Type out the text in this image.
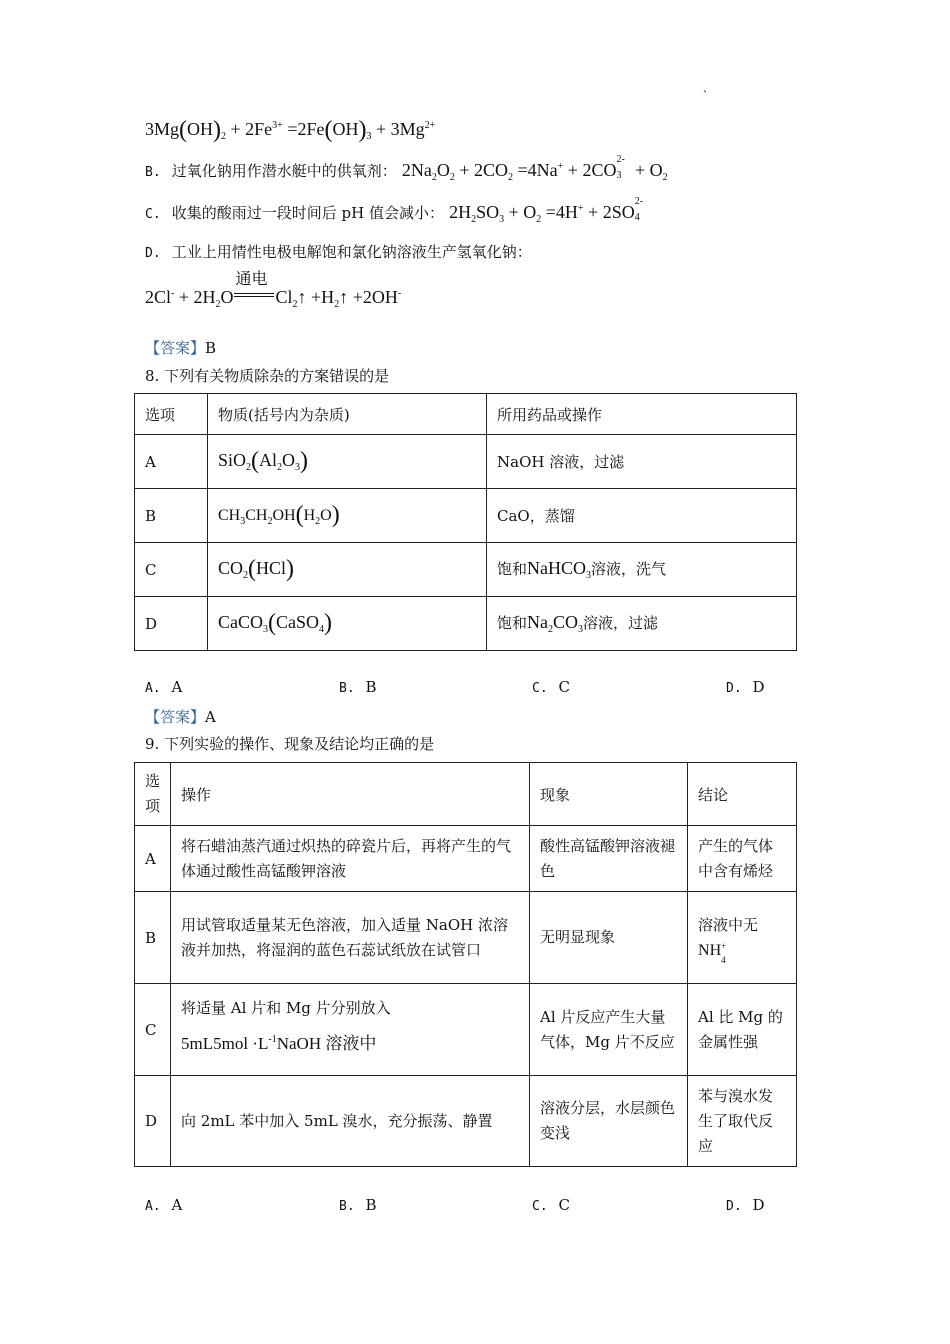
、
$3Mg(OH)_2 + 2Fe^{3+} =2Fe(OH)_3 + 3Mg^{2+}$
B. 过氧化钠用作潜水艇中的供氧剂： $2Na_2O_2 + 2CO_2 =4Na^+ + 2CO$
2-
$3 + O_2$
C. 收集的酸雨过一段时间后 pH 值会减小： $2H_2SO_3 + O_2 =4H^+ + 2SO$
2-
4
D. 工业上用情性电极电解饱和氯化钠溶液生产氢氧化钠：
$2Cl^- + 2H_2O$
通电
$Cl_2↑$ $+H_2↑ +2OH^-$
【答案】B
8. 下列有关物质除杂的方案错误的是
选项	物质(括号内为杂质)	所用药品或操作
A	$SiO_2(Al_2O_3)$	NaOH 溶液，过滤
B	$CH_3CH_2OH(H_2O)$	CaO，蒸馏
C	$CO_2(HCl)$	饱和NaHCO$_3$溶液，洗气
D	CaCO$_3$(CaSO$_4$)	饱和$Na_2CO_3$溶液，过滤
A. A	B. B	C. C	D. D
【答案】A
9. 下列实验的操作、现象及结论均正确的是
选项	操作	现象	结论
A	将石蜡油蒸汽通过炽热的碎瓷片后，再将产生的气体通过酸性高锰酸钾溶液	酸性高锰酸钾溶液褪色	产生的气体中含有烯烃
B	用试管取适量某无色溶液，加入适量 NaOH 浓溶液并加热，将湿润的蓝色石蕊试纸放在试管口	无明显现象	溶液中无
NH +
4

C	将适量 Al 片和 Mg 片分别放入
$5mL5mol \cdot L^{-1}NaOH$ 溶液中	Al 片反应产生大量气体，Mg 片不反应	Al 比 Mg 的金属性强
D	向 2mL 苯中加入 5mL 溴水，充分振荡、静置	溶液分层，水层颜色变浅	苯与溴水发生了取代反应
A. A	B. B	C. C	D. D
